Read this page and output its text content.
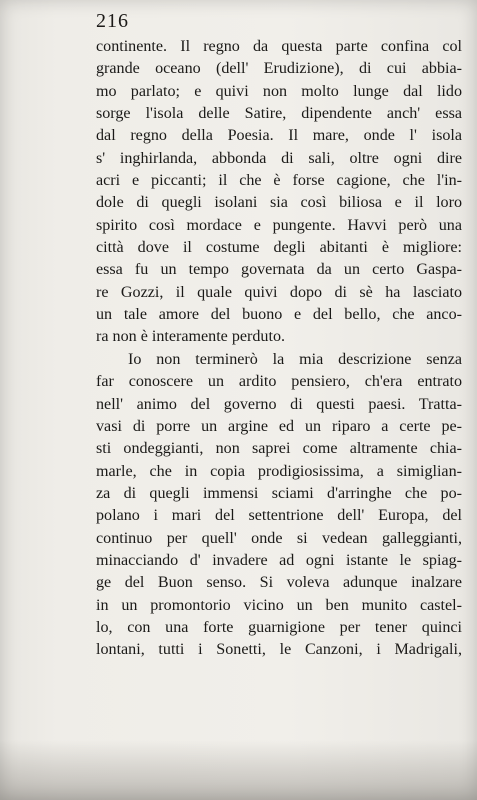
216
continente. Il regno da questa parte confina col
grande oceano (dell' Erudizione), di cui abbia-
mo parlato; e quivi non molto lunge dal lido
sorge l'isola delle Satire, dipendente anch' essa
dal regno della Poesia. Il mare, onde l' isola
s' inghirlanda, abbonda di sali, oltre ogni dire
acri e piccanti; il che è forse cagione, che l'in-
dole di quegli isolani sia così biliosa e il loro
spirito così mordace e pungente. Havvi però una
città dove il costume degli abitanti è migliore:
essa fu un tempo governata da un certo Gaspa-
re Gozzi, il quale quivi dopo di sè ha lasciato
un tale amore del buono e del bello, che anco-
ra non è interamente perduto.
Io non terminerò la mia descrizione senza
far conoscere un ardito pensiero, ch'era entrato
nell' animo del governo di questi paesi. Tratta-
vasi di porre un argine ed un riparo a certe pe-
sti ondeggianti, non saprei come altramente chia-
marle, che in copia prodigiosissima, a simiglian-
za di quegli immensi sciami d'arringhe che po-
polano i mari del settentrione dell' Europa, del
continuo per quell' onde si vedean galleggianti,
minacciando d' invadere ad ogni istante le spiag-
ge del Buon senso. Si voleva adunque inalzare
in un promontorio vicino un ben munito castel-
lo, con una forte guarnigione per tener quinci
lontani, tutti i Sonetti, le Canzoni, i Madrigali,
